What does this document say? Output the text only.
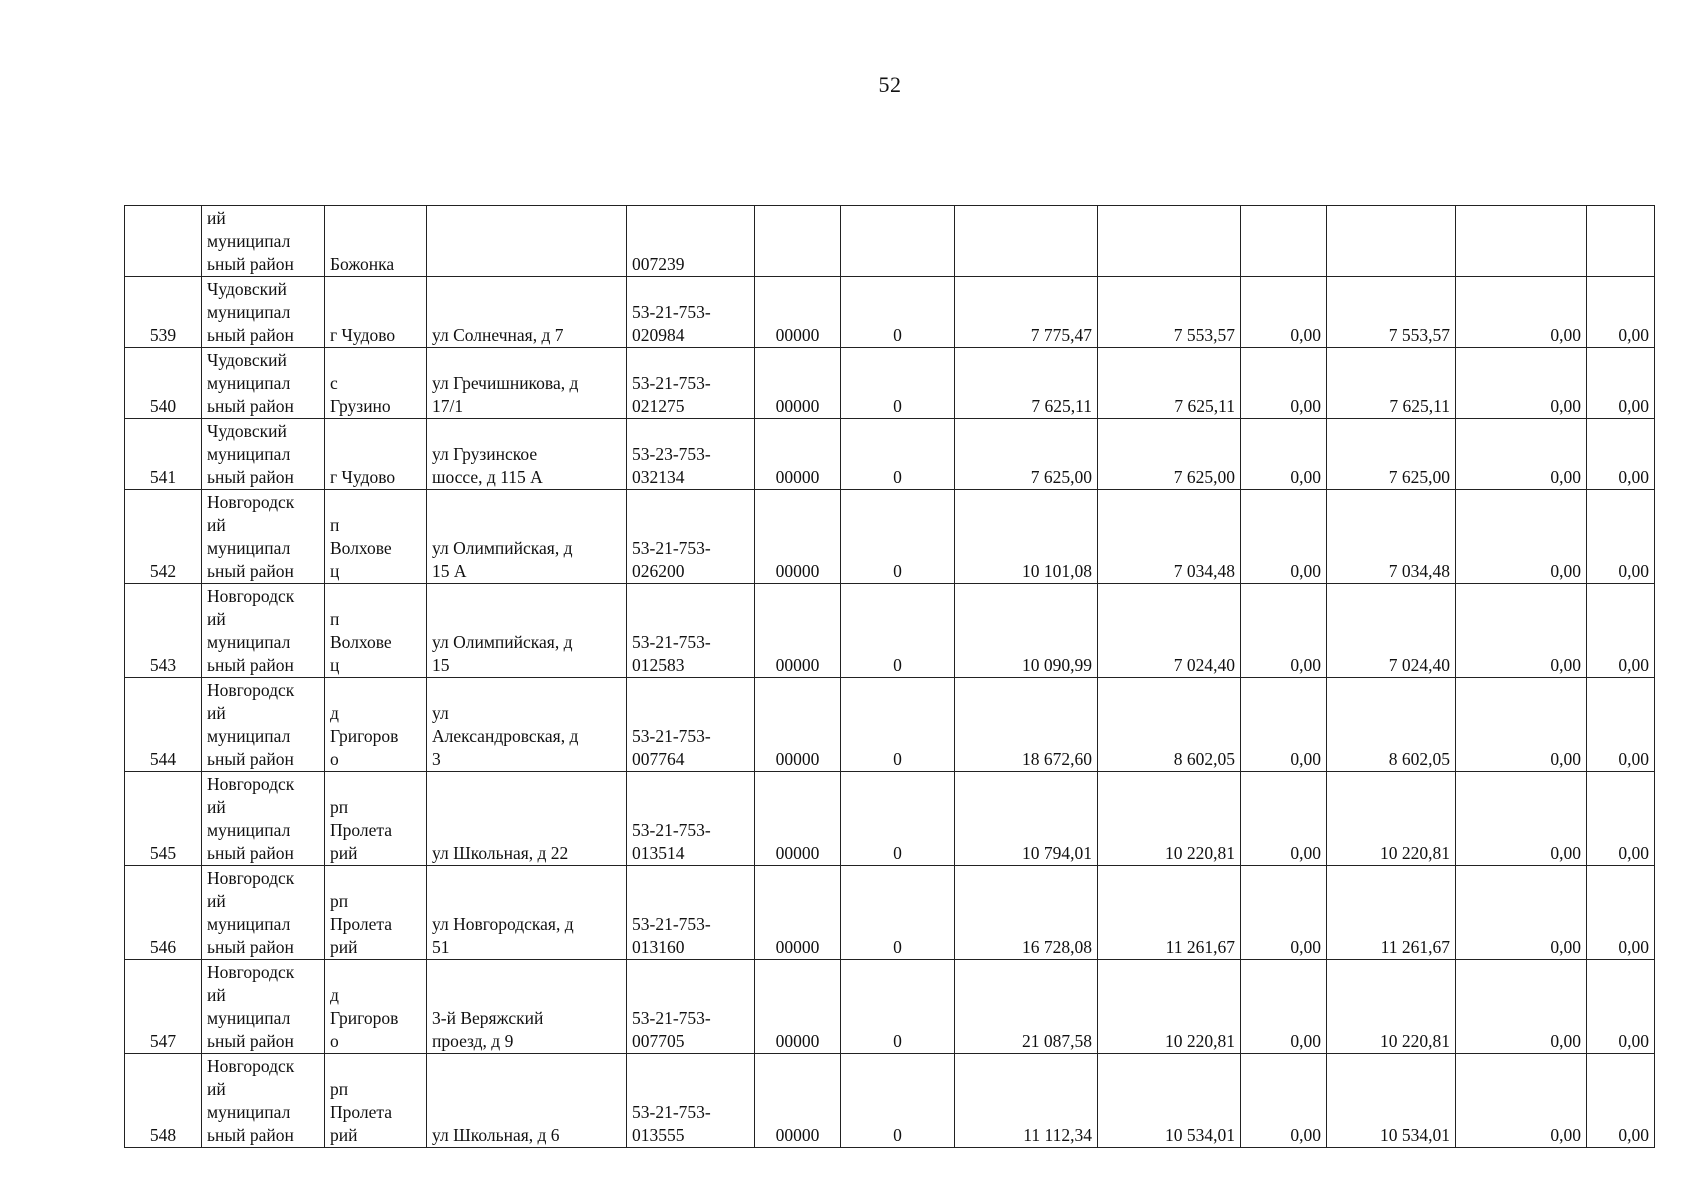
52
	ий
муниципал
ьный район	Божонка		007239								
539	Чудовский
муниципал
ьный район	г Чудово	ул Солнечная, д 7	53-21-753-
020984	00000	0	7 775,47	7 553,57	0,00	7 553,57	0,00	0,00
540	Чудовский
муниципал
ьный район	с
Грузино	ул Гречишникова, д
17/1	53-21-753-
021275	00000	0	7 625,11	7 625,11	0,00	7 625,11	0,00	0,00
541	Чудовский
муниципал
ьный район	г Чудово	ул Грузинское
шоссе, д 115 А	53-23-753-
032134	00000	0	7 625,00	7 625,00	0,00	7 625,00	0,00	0,00
542	Новгородск
ий
муниципал
ьный район	п
Волхове
ц	ул Олимпийская, д
15 А	53-21-753-
026200	00000	0	10 101,08	7 034,48	0,00	7 034,48	0,00	0,00
543	Новгородск
ий
муниципал
ьный район	п
Волхове
ц	ул Олимпийская, д
15	53-21-753-
012583	00000	0	10 090,99	7 024,40	0,00	7 024,40	0,00	0,00
544	Новгородск
ий
муниципал
ьный район	д
Григоров
о	ул
Александровская, д
3	53-21-753-
007764	00000	0	18 672,60	8 602,05	0,00	8 602,05	0,00	0,00
545	Новгородск
ий
муниципал
ьный район	рп
Пролета
рий	ул Школьная, д 22	53-21-753-
013514	00000	0	10 794,01	10 220,81	0,00	10 220,81	0,00	0,00
546	Новгородск
ий
муниципал
ьный район	рп
Пролета
рий	ул Новгородская, д
51	53-21-753-
013160	00000	0	16 728,08	11 261,67	0,00	11 261,67	0,00	0,00
547	Новгородск
ий
муниципал
ьный район	д
Григоров
о	3-й Веряжский
проезд, д 9	53-21-753-
007705	00000	0	21 087,58	10 220,81	0,00	10 220,81	0,00	0,00
548	Новгородск
ий
муниципал
ьный район	рп
Пролета
рий	ул Школьная, д 6	53-21-753-
013555	00000	0	11 112,34	10 534,01	0,00	10 534,01	0,00	0,00
